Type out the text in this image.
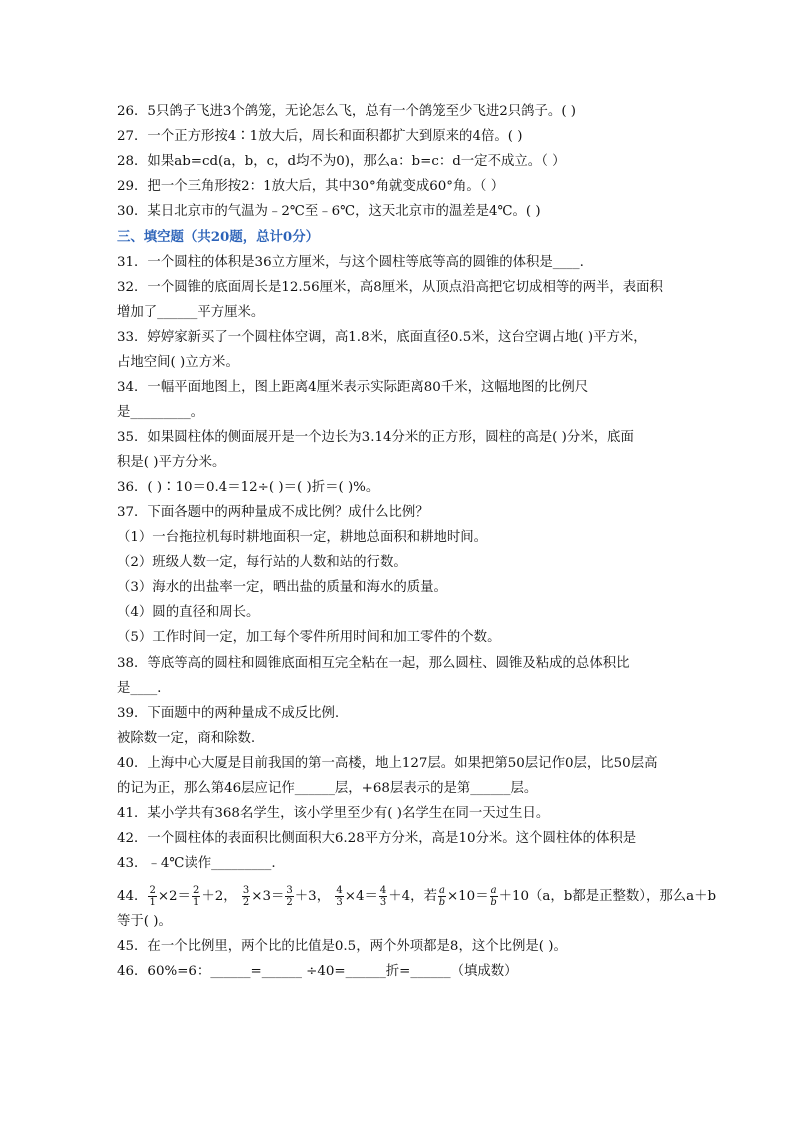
26．5只鸽子飞进3个鸽笼，无论怎么飞，总有一个鸽笼至少飞进2只鸽子。( )
27．一个正方形按4∶1放大后，周长和面积都扩大到原来的4倍。( )
28．如果ab=cd(a，b，c，d均不为0)，那么a：b=c：d一定不成立。（ ）
29．把一个三角形按2：1放大后，其中30°角就变成60°角。（ ）
30．某日北京市的气温为﹣2℃至﹣6℃，这天北京市的温差是4℃。( )
三、填空题（共20题，总计0分）
31．一个圆柱的体积是36立方厘米，与这个圆柱等底等高的圆锥的体积是____.
32．一个圆锥的底面周长是12.56厘米，高8厘米，从顶点沿高把它切成相等的两半，表面积
增加了______平方厘米。
33．婷婷家新买了一个圆柱体空调，高1.8米，底面直径0.5米，这台空调占地( )平方米，
占地空间( )立方米。
34．一幅平面地图上，图上距离4厘米表示实际距离80千米，这幅地图的比例尺
是_________。
35．如果圆柱体的侧面展开是一个边长为3.14分米的正方形，圆柱的高是( )分米，底面
积是( )平方分米。
36．( )∶10＝0.4＝12÷( )＝( )折＝( )%。
37．下面各题中的两种量成不成比例？成什么比例？
（1）一台拖拉机每时耕地面积一定，耕地总面积和耕地时间。
（2）班级人数一定，每行站的人数和站的行数。
（3）海水的出盐率一定，晒出盐的质量和海水的质量。
（4）圆的直径和周长。
（5）工作时间一定，加工每个零件所用时间和加工零件的个数。
38．等底等高的圆柱和圆锥底面相互完全粘在一起，那么圆柱、圆锥及粘成的总体积比
是____.
39．下面题中的两种量成不成反比例.
被除数一定，商和除数.
40．上海中心大厦是目前我国的第一高楼，地上127层。如果把第50层记作0层，比50层高
的记为正，那么第46层应记作______层，+68层表示的是第______层。
41．某小学共有368名学生，该小学里至少有( )名学生在同一天过生日。
42．一个圆柱体的表面积比侧面积大6.28平方分米，高是10分米。这个圆柱体的体积是
43．﹣4℃读作_________.
44． $\frac{2}{1} \times 2= \frac{2}{1} +2$， $\frac{3}{2} \times 3= \frac{3}{2} +3$， $\frac{4}{3} \times 4= \frac{4}{3} +4$，若 $\frac{a}{b} \times 10= \frac{a}{b} +10(a$，b都是正整数），那么a＋b
等于( )。
45．在一个比例里，两个比的比值是0.5，两个外项都是8，这个比例是( )。
46．60%=6：______=______ ÷40=______折=______（填成数）
